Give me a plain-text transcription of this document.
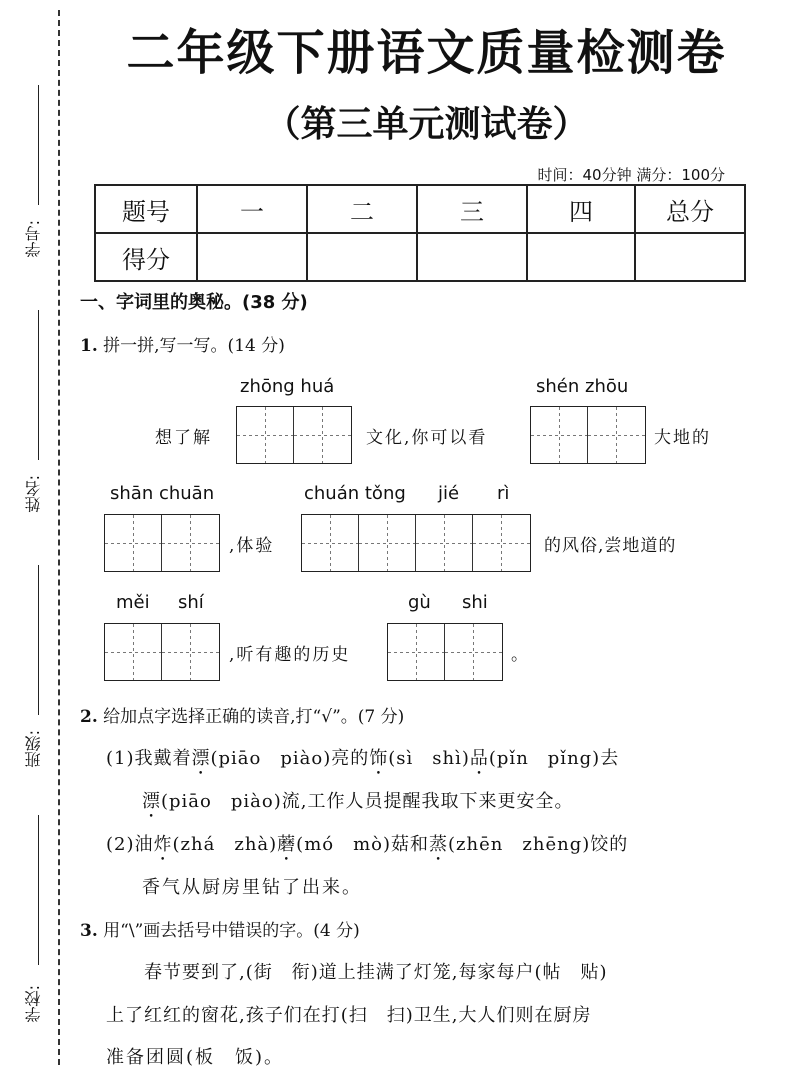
学号:
姓名:
班级:
学校:
二年级下册语文质量检测卷
（第三单元测试卷）
时间：40分钟 满分：100分
题号	一	二	三	四	总分
得分					
一、字词里的奥秘。(38 分)
1. 拼一拼,写一写。(14 分)
zhōng huá	shén zhōu
想了解	文化,你可以看	大地的
shān chuān	chuán tǒng jié rì
,体验	的风俗,尝地道的
měi shí	gù shi
,听有趣的历史	。
2. 给加点字选择正确的读音,打“√”。(7 分)
(1)我戴着漂(piāo　piào)亮的饰(sì　shì)品(pǐn　pǐng)去
漂(piāo　piào)流,工作人员提醒我取下来更安全。
(2)油炸(zhá　zhà)蘑(mó　mò)菇和蒸(zhēn　zhēng)饺的
香气从厨房里钻了出来。
3. 用“\”画去括号中错误的字。(4 分)
春节要到了,(街　衔)道上挂满了灯笼,每家每户(帖　贴)
上了红红的窗花,孩子们在打(扫　扫)卫生,大人们则在厨房
准备团圆(板　饭)。
